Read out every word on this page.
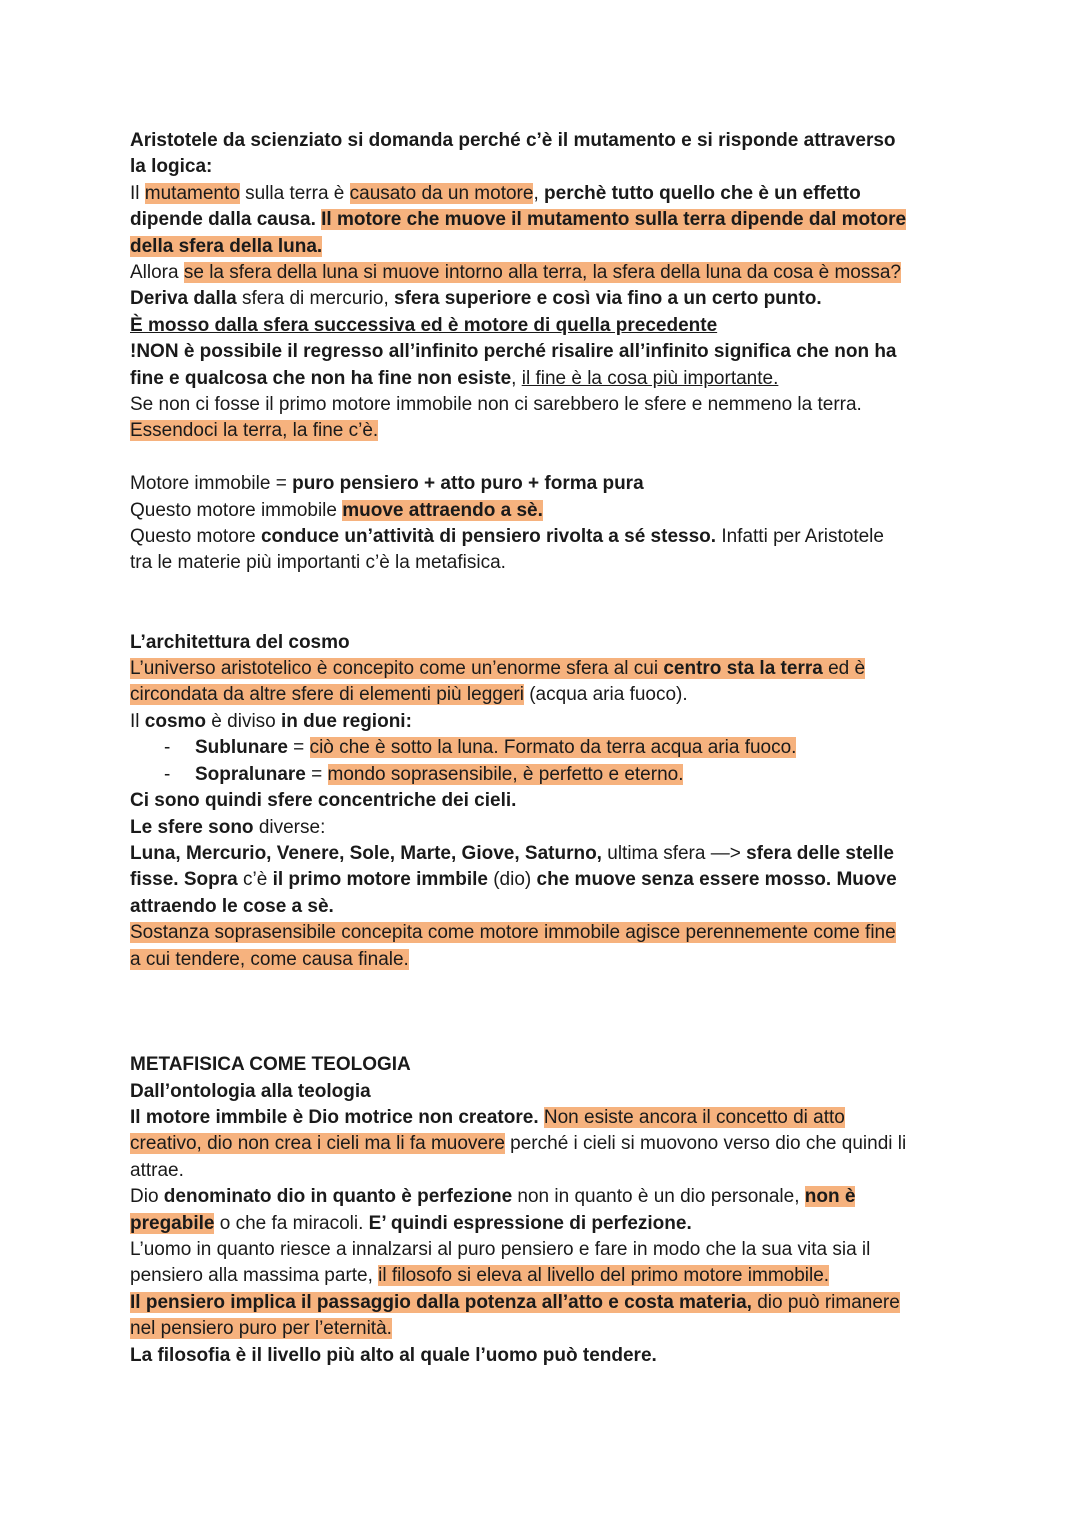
Aristotele da scienziato si domanda perché c’è il mutamento e si risponde attraverso
la logica:
Il mutamento sulla terra è causato da un motore, perchè tutto quello che è un effetto
dipende dalla causa. Il motore che muove il mutamento sulla terra dipende dal motore
della sfera della luna.
Allora se la sfera della luna si muove intorno alla terra, la sfera della luna da cosa è mossa?
Deriva dalla sfera di mercurio, sfera superiore e così via fino a un certo punto.
È mosso dalla sfera successiva ed è motore di quella precedente
!NON è possibile il regresso all’infinito perché risalire all’infinito significa che non ha
fine e qualcosa che non ha fine non esiste, il fine è la cosa più importante.
Se non ci fosse il primo motore immobile non ci sarebbero le sfere e nemmeno la terra.
Essendoci la terra, la fine c’è.
Motore immobile = puro pensiero + atto puro + forma pura
Questo motore immobile muove attraendo a sè.
Questo motore conduce un’attività di pensiero rivolta a sé stesso. Infatti per Aristotele
tra le materie più importanti c’è la metafisica.
L’architettura del cosmo
L’universo aristotelico è concepito come un’enorme sfera al cui centro sta la terra ed è
circondata da altre sfere di elementi più leggeri (acqua aria fuoco).
Il cosmo è diviso in due regioni:
- Sublunare = ciò che è sotto la luna. Formato da terra acqua aria fuoco.
- Sopralunare = mondo soprasensibile, è perfetto e eterno.
Ci sono quindi sfere concentriche dei cieli.
Le sfere sono diverse:
Luna, Mercurio, Venere, Sole, Marte, Giove, Saturno, ultima sfera —> sfera delle stelle
fisse. Sopra c’è il primo motore immbile (dio) che muove senza essere mosso. Muove
attraendo le cose a sè.
Sostanza soprasensibile concepita come motore immobile agisce perennemente come fine
a cui tendere, come causa finale.
METAFISICA COME TEOLOGIA
Dall’ontologia alla teologia
Il motore immbile è Dio motrice non creatore. Non esiste ancora il concetto di atto
creativo, dio non crea i cieli ma li fa muovere perché i cieli si muovono verso dio che quindi li
attrae.
Dio denominato dio in quanto è perfezione non in quanto è un dio personale, non è
pregabile o che fa miracoli. E’ quindi espressione di perfezione.
L’uomo in quanto riesce a innalzarsi al puro pensiero e fare in modo che la sua vita sia il
pensiero alla massima parte, il filosofo si eleva al livello del primo motore immobile.
Il pensiero implica il passaggio dalla potenza all’atto e costa materia, dio può rimanere
nel pensiero puro per l’eternità.
La filosofia è il livello più alto al quale l’uomo può tendere.
